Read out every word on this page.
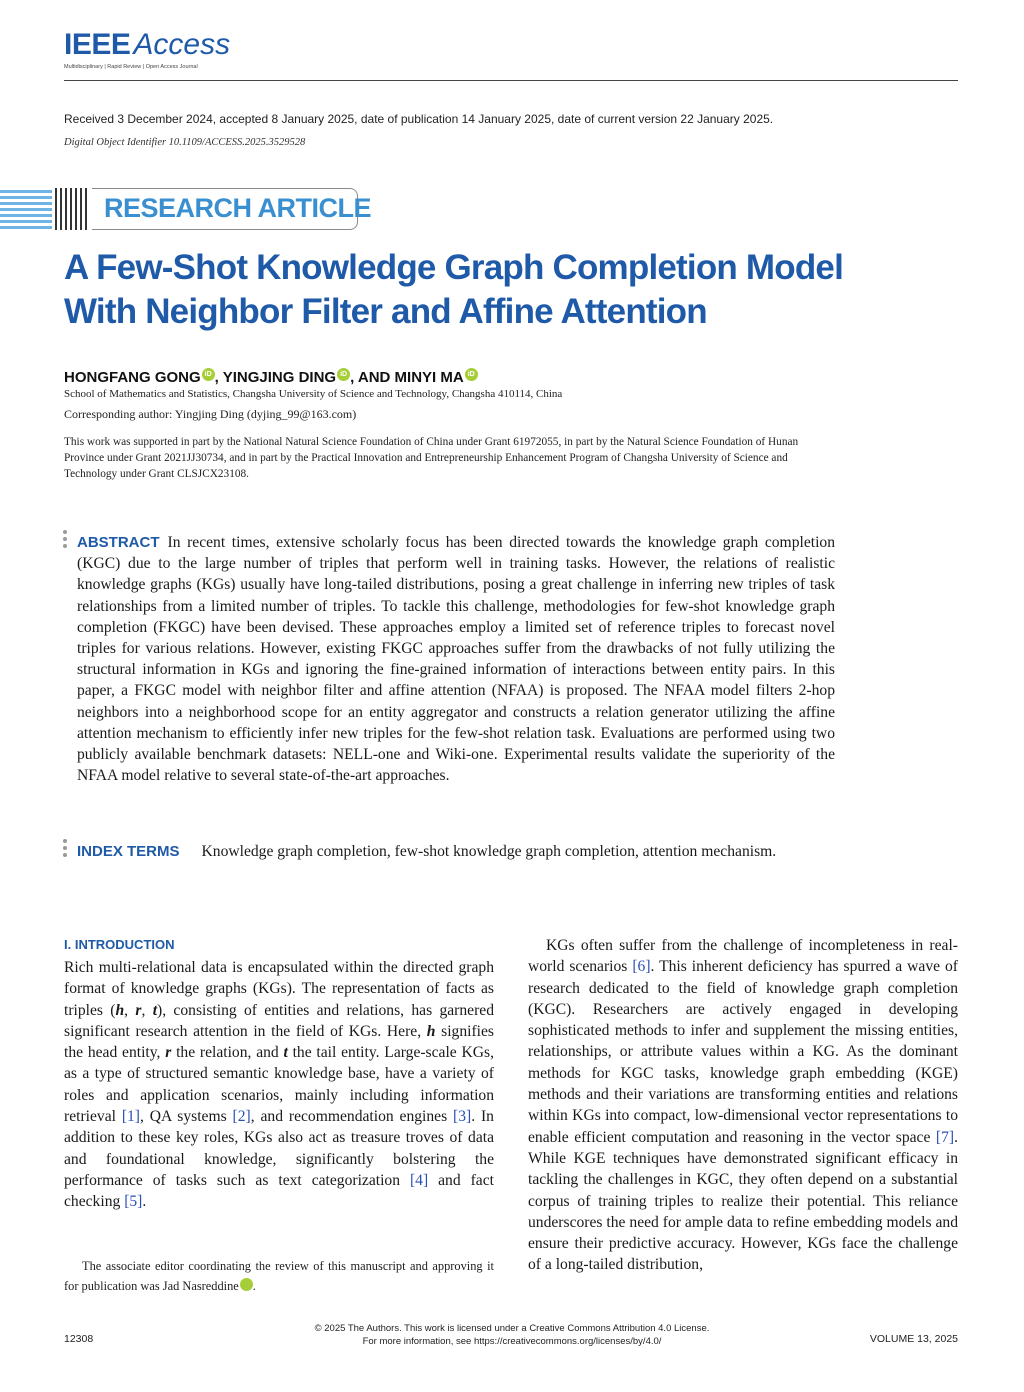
IEEE Access
Multidisciplinary | Rapid Review | Open Access Journal
Received 3 December 2024, accepted 8 January 2025, date of publication 14 January 2025, date of current version 22 January 2025.
Digital Object Identifier 10.1109/ACCESS.2025.3529528
RESEARCH ARTICLE
A Few-Shot Knowledge Graph Completion Model
With Neighbor Filter and Affine Attention
HONGFANG GONG iD , YINGJING DING iD , AND MINYI MA iD
School of Mathematics and Statistics, Changsha University of Science and Technology, Changsha 410114, China
Corresponding author: Yingjing Ding (dyjing_99@163.com)
This work was supported in part by the National Natural Science Foundation of China under Grant 61972055, in part by the Natural Science Foundation of Hunan Province under Grant 2021JJ30734, and in part by the Practical Innovation and Entrepreneurship Enhancement Program of Changsha University of Science and Technology under Grant CLSJCX23108.
ABSTRACT In recent times, extensive scholarly focus has been directed towards the knowledge graph completion (KGC) due to the large number of triples that perform well in training tasks. However, the relations of realistic knowledge graphs (KGs) usually have long-tailed distributions, posing a great challenge in inferring new triples of task relationships from a limited number of triples. To tackle this challenge, methodologies for few-shot knowledge graph completion (FKGC) have been devised. These approaches employ a limited set of reference triples to forecast novel triples for various relations. However, existing FKGC approaches suffer from the drawbacks of not fully utilizing the structural information in KGs and ignoring the fine-grained information of interactions between entity pairs. In this paper, a FKGC model with neighbor filter and affine attention (NFAA) is proposed. The NFAA model filters 2-hop neighbors into a neighborhood scope for an entity aggregator and constructs a relation generator utilizing the affine attention mechanism to efficiently infer new triples for the few-shot relation task. Evaluations are performed using two publicly available benchmark datasets: NELL-one and Wiki-one. Experimental results validate the superiority of the NFAA model relative to several state-of-the-art approaches.
INDEX TERMS Knowledge graph completion, few-shot knowledge graph completion, attention mechanism.
I. INTRODUCTION
Rich multi-relational data is encapsulated within the directed graph format of knowledge graphs (KGs). The representation of facts as triples (h, r, t), consisting of entities and relations, has garnered significant research attention in the field of KGs. Here, h signifies the head entity, r the relation, and t the tail entity. Large-scale KGs, as a type of structured semantic knowledge base, have a variety of roles and application scenarios, mainly including information retrieval [1], QA systems [2], and recommendation engines [3]. In addition to these key roles, KGs also act as treasure troves of data and foundational knowledge, significantly bolstering the performance of tasks such as text categorization [4] and fact checking [5].
The associate editor coordinating the review of this manuscript and approving it for publication was Jad Nasreddine	iD.
KGs often suffer from the challenge of incompleteness in real-world scenarios [6]. This inherent deficiency has spurred a wave of research dedicated to the field of knowledge graph completion (KGC). Researchers are actively engaged in developing sophisticated methods to infer and supplement the missing entities, relationships, or attribute values within a KG. As the dominant methods for KGC tasks, knowledge graph embedding (KGE) methods and their variations are transforming entities and relations within KGs into compact, low-dimensional vector representations to enable efficient computation and reasoning in the vector space [7]. While KGE techniques have demonstrated significant efficacy in tackling the challenges in KGC, they often depend on a substantial corpus of training triples to realize their potential. This reliance underscores the need for ample data to refine embedding models and ensure their predictive accuracy. However, KGs face the challenge of a long-tailed distribution,
© 2025 The Authors. This work is licensed under a Creative Commons Attribution 4.0 License.
For more information, see https://creativecommons.org/licenses/by/4.0/
12308	VOLUME 13, 2025
